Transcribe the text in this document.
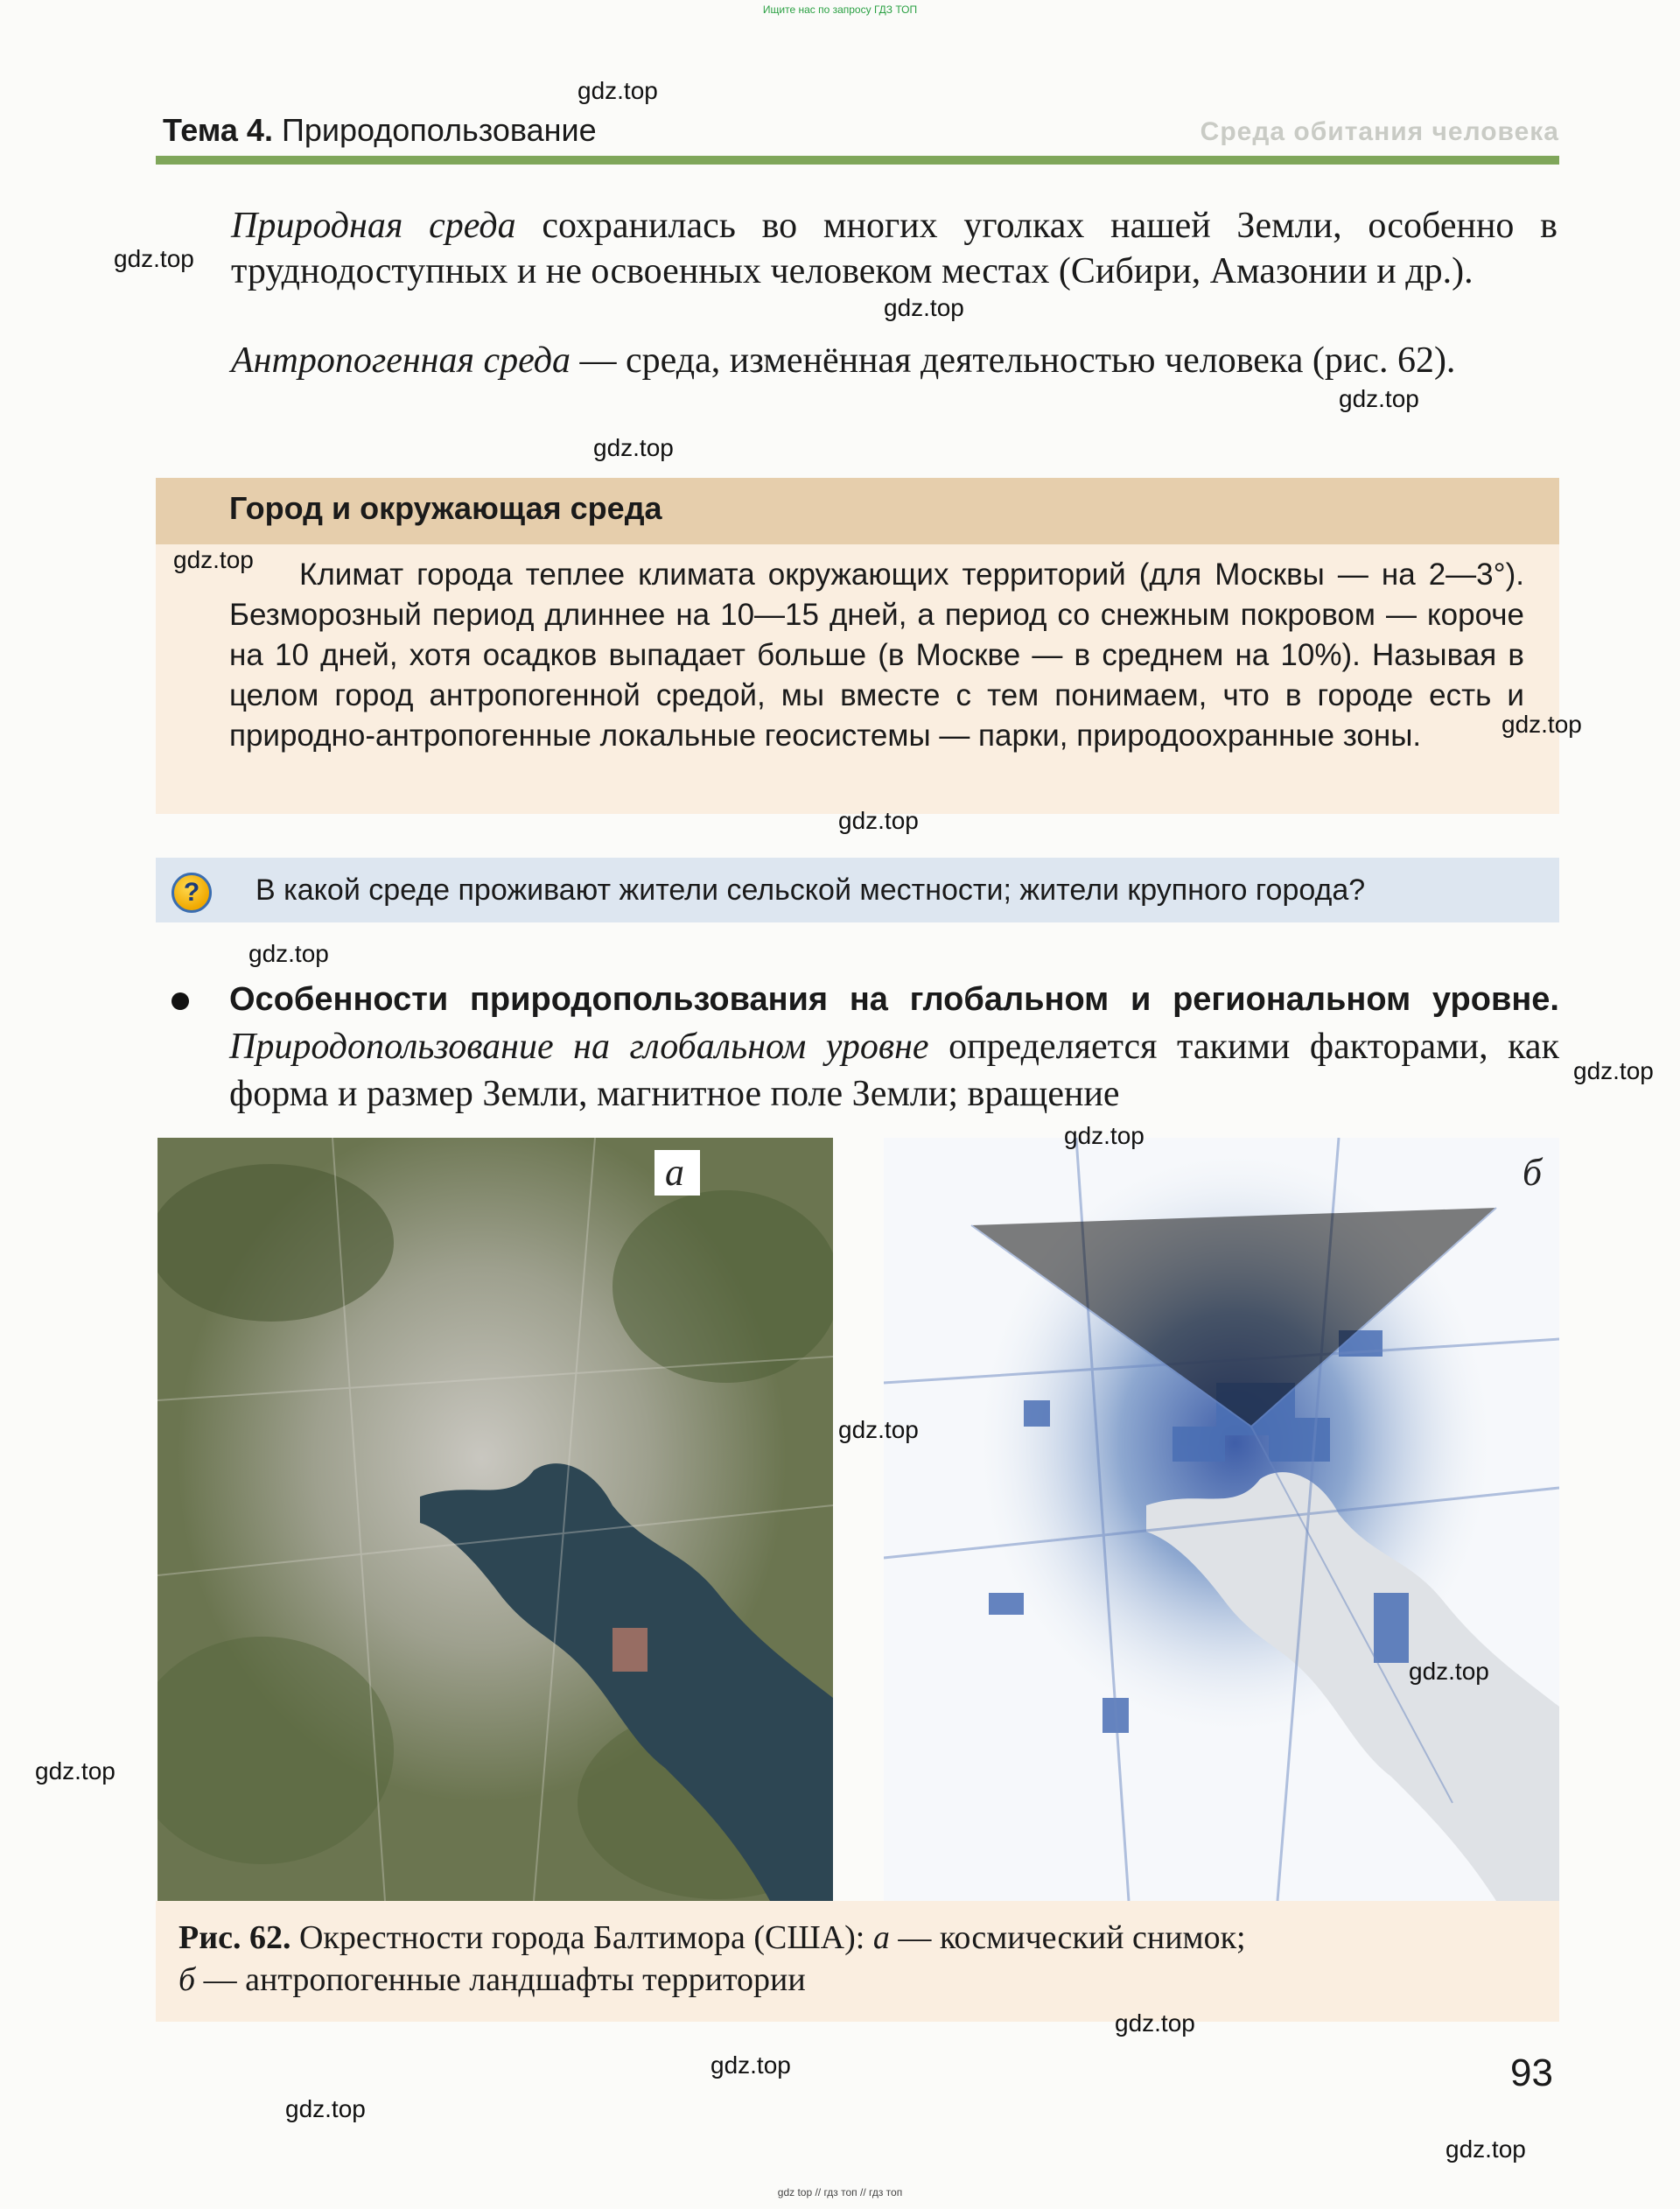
Ищите нас по запросу ГДЗ ТОП
Тема 4. Природопользование	Среда обитания человека
Природная среда сохранилась во многих уголках нашей Земли, особенно в труднодоступных и не освоенных человеком местах (Сибири, Амазонии и др.).
Антропогенная среда — среда, изменённая деятельностью человека (рис. 62).
Город и окружающая среда
Климат города теплее климата окружающих территорий (для Москвы — на 2—3°). Безморозный период длиннее на 10—15 дней, а период со снежным покровом — короче на 10 дней, хотя осадков выпадает больше (в Москве — в среднем на 10%). Называя в целом город антропогенной средой, мы вместе с тем понимаем, что в городе есть и природно-антропогенные локальные геосистемы — парки, природоохранные зоны.
?	В какой среде проживают жители сельской местности; жители крупного города?
Особенности природопользования на глобальном и региональном уровне. Природопользование на глобальном уровне определяется такими факторами, как форма и размер Земли, магнитное поле Земли; вращение
а	б
Рис. 62. Окрестности города Балтимора (США): а — космический снимок;
б — антропогенные ландшафты территории
93
gdz.top
gdz.top
gdz.top
gdz.top
gdz.top
gdz.top
gdz.top
gdz.top
gdz.top
gdz.top
gdz.top
gdz.top
gdz.top
gdz.top
gdz.top
gdz.top
gdz.top
gdz.top
gdz top // гдз топ // гдз топ
